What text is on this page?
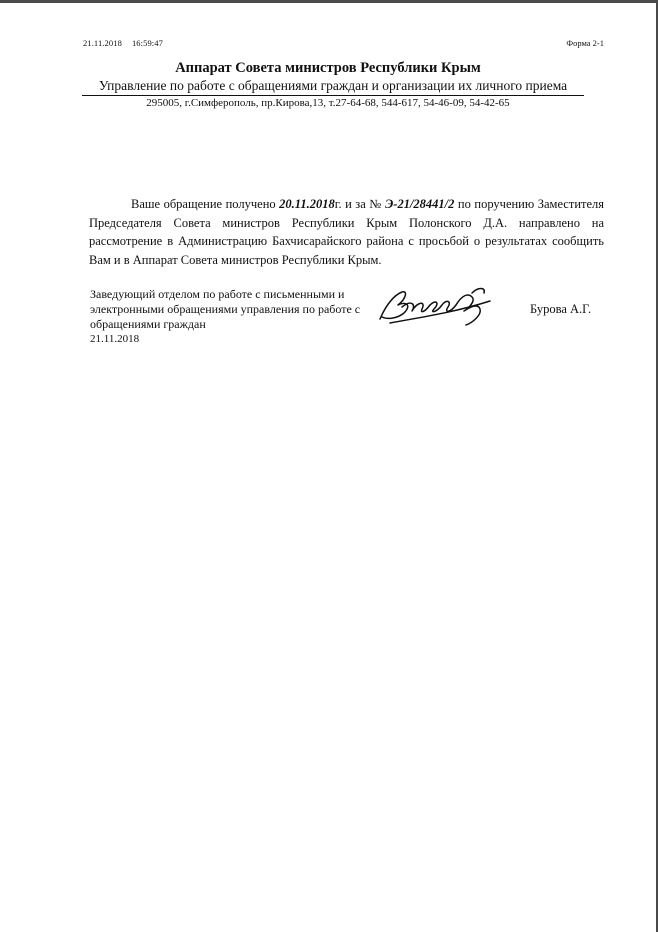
21.11.2018 16:59:47	Форма 2-1
Аппарат Совета министров Республики Крым
Управление по работе с обращениями граждан и организации их личного приема
295005, г.Симферополь, пр.Кирова,13, т.27-64-68, 544-617, 54-46-09, 54-42-65
Ваше обращение получено 20.11.2018г. и за № Э-21/28441/2 по поручению Заместителя Председателя Совета министров Республики Крым Полонского Д.А. направлено на рассмотрение в Администрацию Бахчисарайского района с просьбой о результатах сообщить Вам и в Аппарат Совета министров Республики Крым.
Заведующий отделом по работе с письменными и электронными обращениями управления по работе с обращениями граждан
21.11.2018
Бурова А.Г.
